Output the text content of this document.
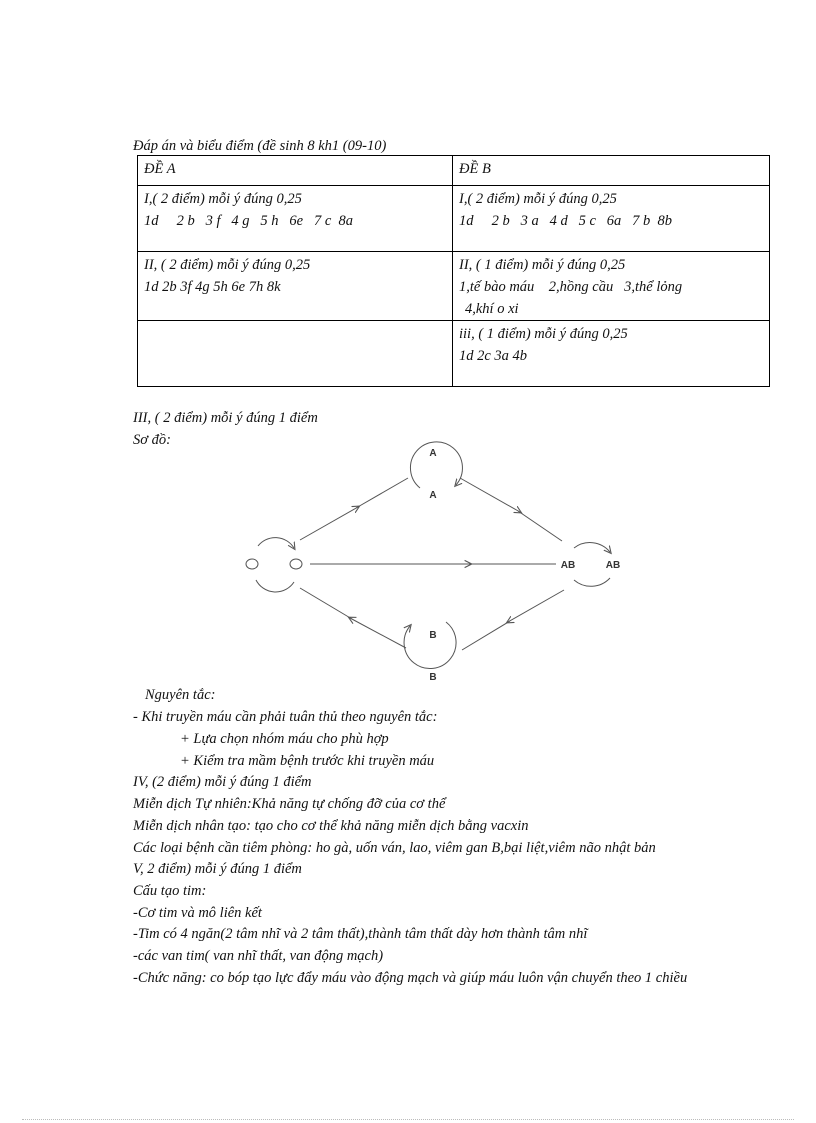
Đáp án và biểu điểm (đề sinh 8 kh1 (09-10)
ĐỀ A	ĐỀ B

I,( 2 điểm) mỗi ý đúng 0,25
1d     2 b   3 f   4 g   5 h   6e   7 c  8a	I,( 2 điểm) mỗi ý đúng 0,25
1d     2 b   3 a   4 d   5 c   6a   7 b  8b

II, ( 2 điểm) mỗi ý đúng 0,25
1d 2b 3f 4g 5h 6e 7h 8k	II, ( 1 điểm) mỗi ý đúng 0,25
1,tế bào máu    2,hồng cầu   3,thể lỏng
4,khí o xi

	iii, ( 1 điểm) mỗi ý đúng 0,25
1d 2c 3a 4b
III, ( 2 điểm) mỗi ý đúng 1 điểm
Sơ đồ:
A
A
B
B
AB	AB
Nguyên tắc:
- Khi truyền máu cần phải tuân thủ theo nguyên tắc:
+ Lựa chọn nhóm máu cho phù hợp
+ Kiểm tra mầm bệnh trước khi truyền máu
IV, (2 điểm) mỗi ý đúng 1 điểm
Miễn dịch Tự nhiên:Khả năng tự chống đỡ của cơ thể
Miễn dịch nhân tạo: tạo cho cơ thể khả năng miễn dịch bằng vacxin
Các loại bệnh cần tiêm phòng: ho gà, uốn ván, lao, viêm gan B,bại liệt,viêm não nhật bản
V, 2 điểm) mỗi ý đúng 1 điểm
Cấu tạo tim:
-Cơ tim và mô liên kết
-Tim có 4 ngăn(2 tâm nhĩ và 2 tâm thất),thành tâm thất dày hơn thành tâm nhĩ
-các van tim( van nhĩ thất, van động mạch)
-Chức năng: co bóp tạo lực đẩy máu vào động mạch và giúp máu luôn vận chuyển theo 1 chiều
